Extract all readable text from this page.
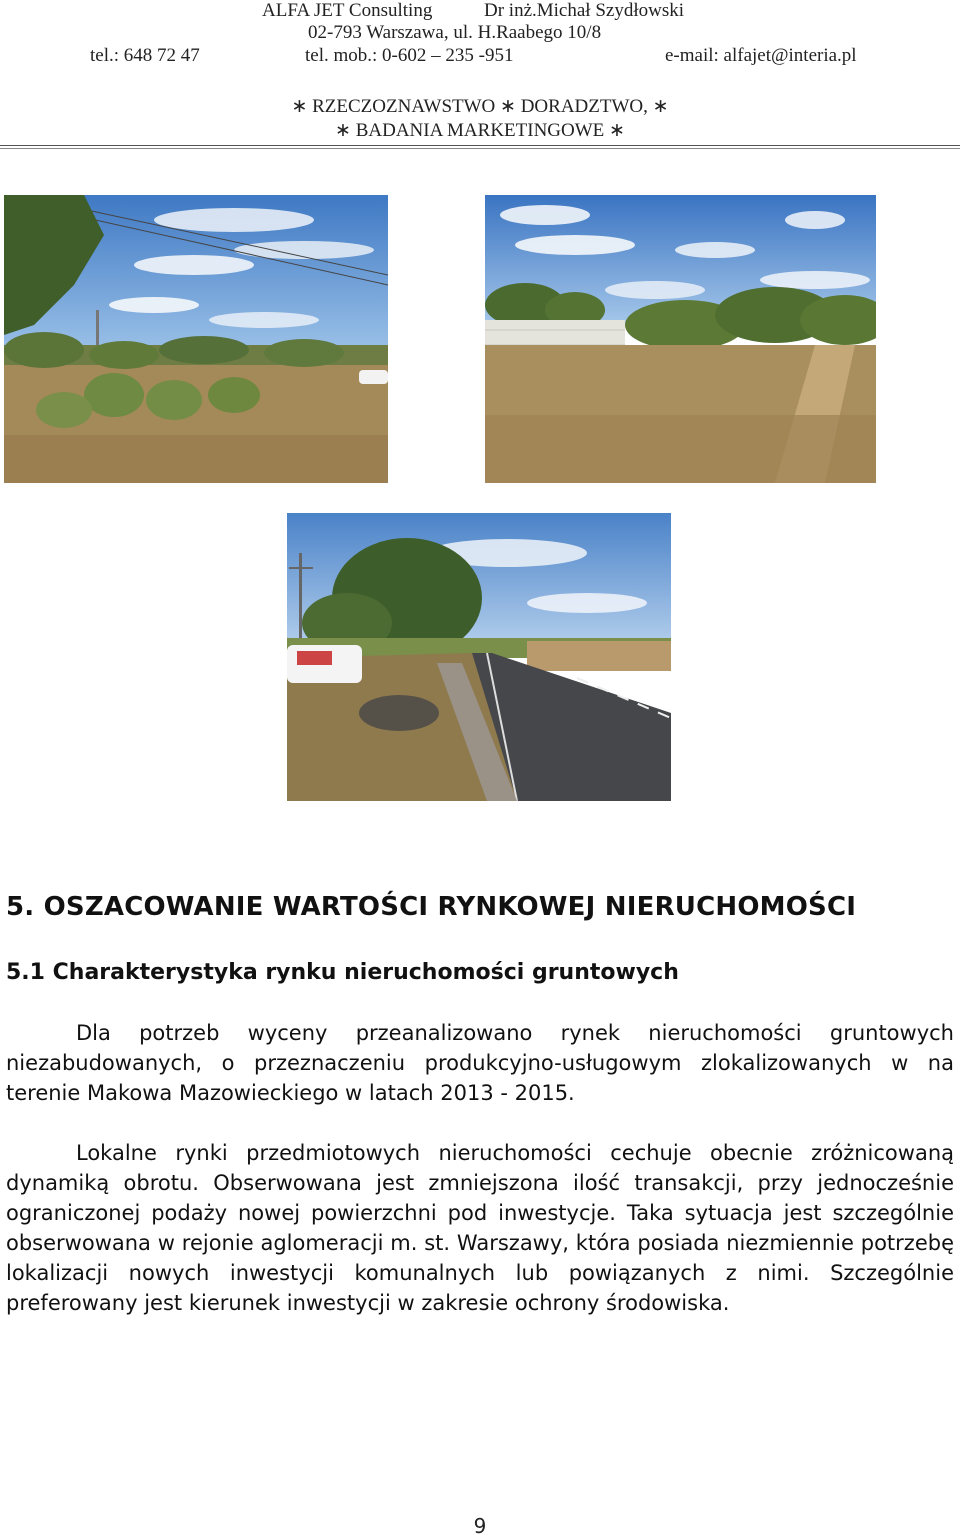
ALFA JET Consulting	Dr inż.Michał Szydłowski
02-793 Warszawa, ul. H.Raabego 10/8
tel.: 648 72 47	tel. mob.: 0-602 – 235 -951	e-mail: alfajet@interia.pl
∗ RZECZOZNAWSTWO ∗ DORADZTWO, ∗
∗ BADANIA MARKETINGOWE ∗
5. OSZACOWANIE WARTOŚCI RYNKOWEJ NIERUCHOMOŚCI
5.1 Charakterystyka rynku nieruchomości gruntowych

Dla potrzeb wyceny przeanalizowano rynek nieruchomości gruntowych niezabudowanych, o przeznaczeniu produkcyjno-usługowym zlokalizowanych w na terenie Makowa Mazowieckiego w latach 2013 - 2015.

Lokalne rynki przedmiotowych nieruchomości cechuje obecnie zróżnicowaną dynamiką obrotu. Obserwowana jest zmniejszona ilość transakcji, przy jednocześnie ograniczonej podaży nowej powierzchni pod inwestycje. Taka sytuacja jest szczególnie obserwowana w rejonie aglomeracji m. st. Warszawy, która posiada niezmiennie potrzebę lokalizacji nowych inwestycji komunalnych lub powiązanych z nimi. Szczególnie preferowany jest kierunek inwestycji w zakresie ochrony środowiska.

9
